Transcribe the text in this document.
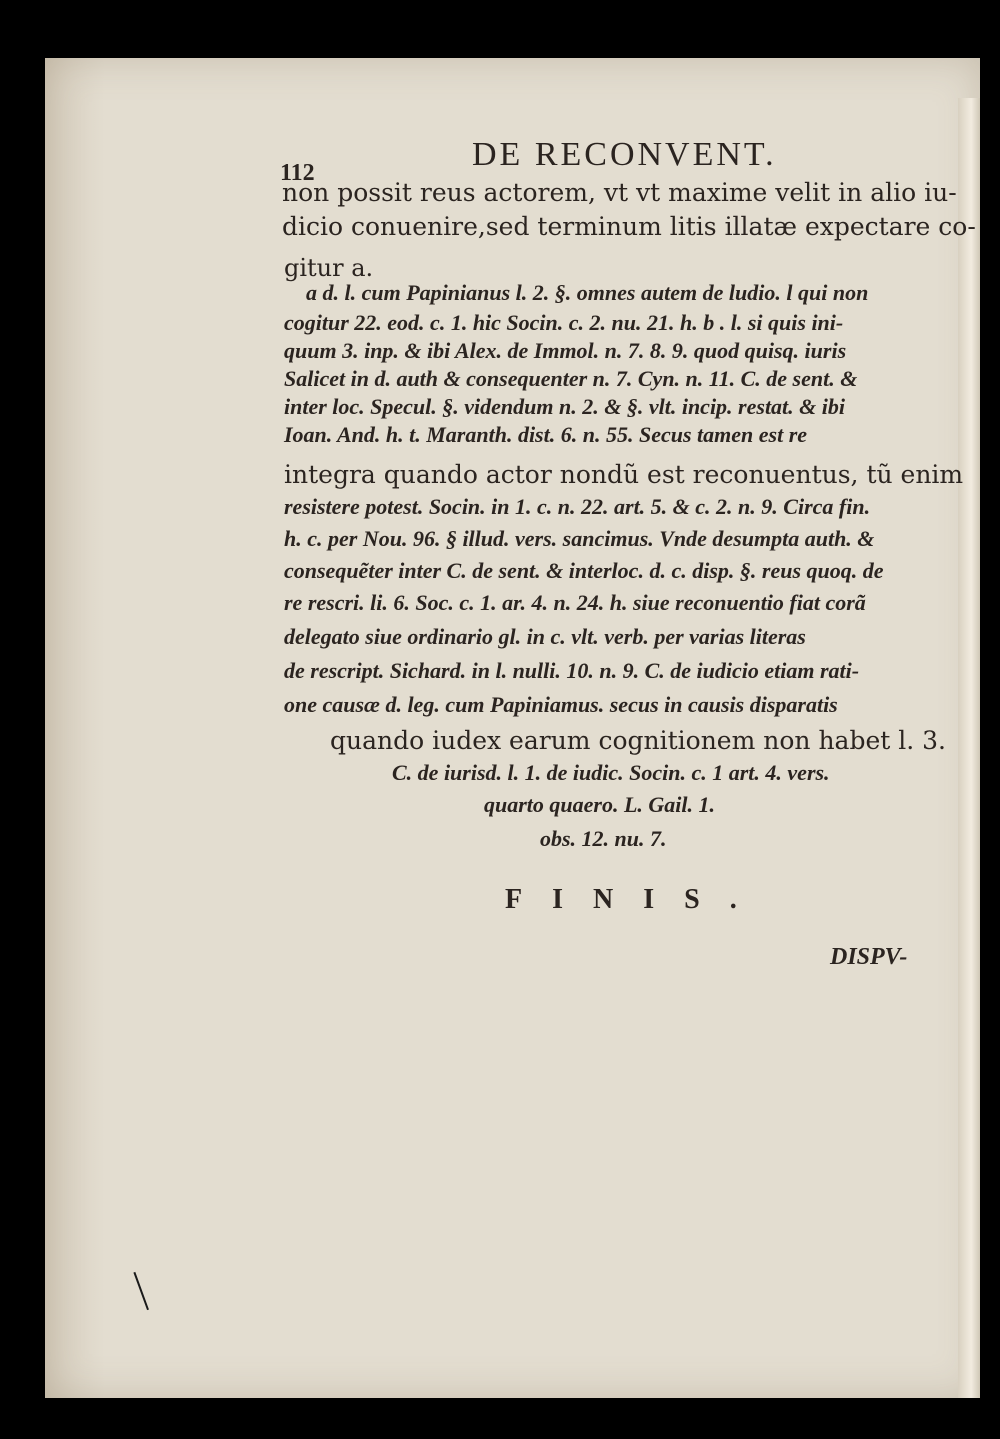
112	DE RECONVENT.
non possit reus actorem, vt vt maxime velit in alio iu-
dicio conuenire,sed terminum litis illatæ expectare co-
gitur a.
a d. l. cum Papinianus l. 2. §. omnes autem de ludio. l qui non
cogitur 22. eod. c. 1. hic Socin. c. 2. nu. 21. h. b . l. si quis ini-
quum 3. inp. & ibi Alex. de Immol. n. 7. 8. 9. quod quisq. iuris
Salicet in d. auth & consequenter n. 7. Cyn. n. 11. C. de sent. &
inter loc. Specul. §. videndum n. 2. & §. vlt. incip. restat. & ibi
Ioan. And. h. t. Maranth. dist. 6. n. 55. Secus tamen est re
integra quando actor nondũ est reconuentus, tũ enim
resistere potest. Socin. in 1. c. n. 22. art. 5. & c. 2. n. 9. Circa fin.
h. c. per Nou. 96. § illud. vers. sancimus. Vnde desumpta auth. &
consequẽter inter C. de sent. & interloc. d. c. disp. §. reus quoq. de
re rescri. li. 6. Soc. c. 1. ar. 4. n. 24. h. siue reconuentio fiat corã
delegato siue ordinario gl. in c. vlt. verb. per varias literas
de rescript. Sichard. in l. nulli. 10. n. 9. C. de iudicio etiam rati-
one causæ d. leg. cum Papiniamus. secus in causis disparatis
quando iudex earum cognitionem non habet l. 3.
C. de iurisd. l. 1. de iudic. Socin. c. 1 art. 4. vers.
quarto quaero. L. Gail. 1.
obs. 12. nu. 7.
FINIS.
DISPV-
